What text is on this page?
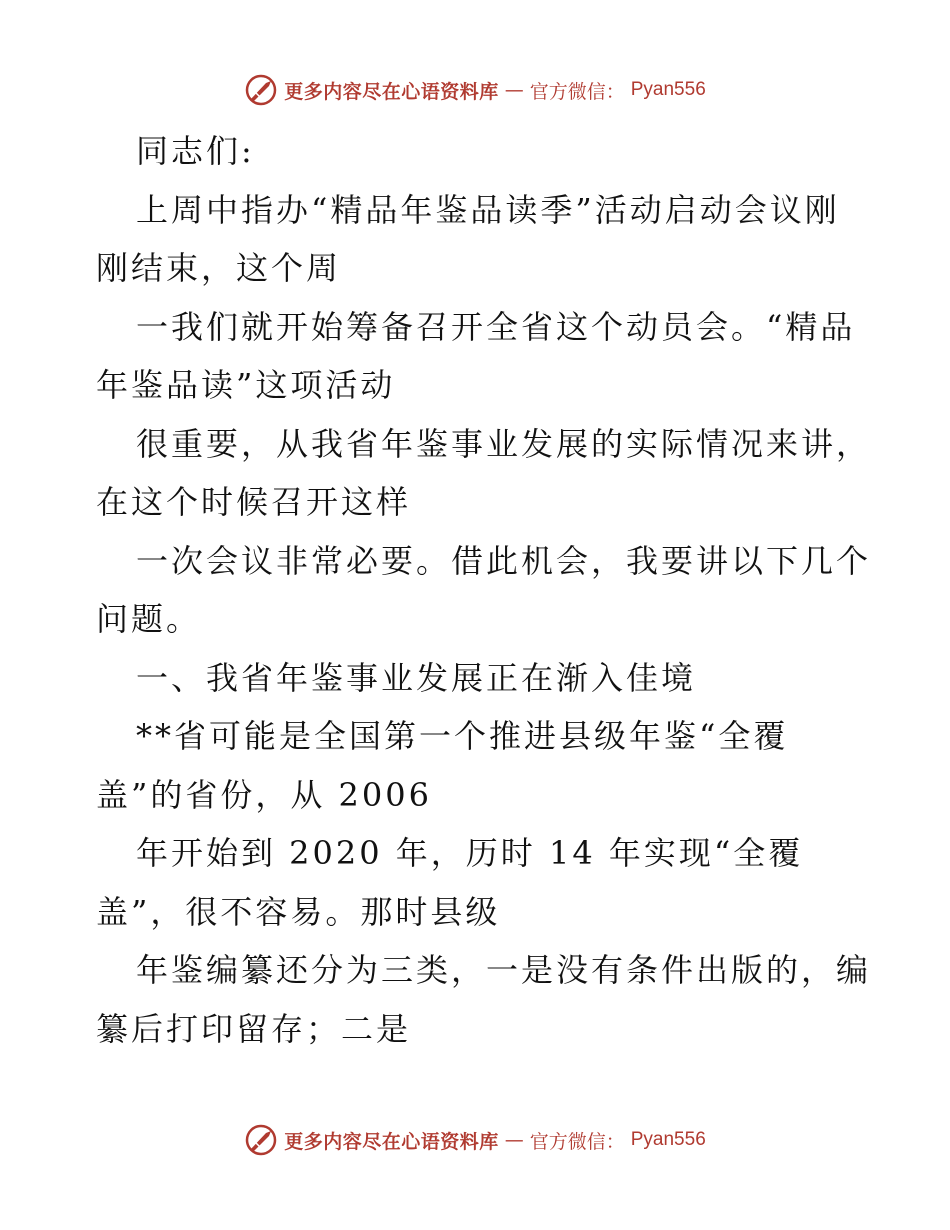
更多内容尽在心语资料库 — 官方微信： Pyan556

同志们:

上周中指办“精品年鉴品读季”活动启动会议刚

刚结束，这个周

一我们就开始筹备召开全省这个动员会。“精品

年鉴品读”这项活动

很重要，从我省年鉴事业发展的实际情况来讲，

在这个时候召开这样

一次会议非常必要。借此机会，我要讲以下几个

问题。

一、我省年鉴事业发展正在渐入佳境

**省可能是全国第一个推进县级年鉴“全覆

盖”的省份，从 2006

年开始到 2020 年，历时 14 年实现“全覆

盖”，很不容易。那时县级

年鉴编纂还分为三类，一是没有条件出版的，编

纂后打印留存；二是

更多内容尽在心语资料库 — 官方微信： Pyan556
